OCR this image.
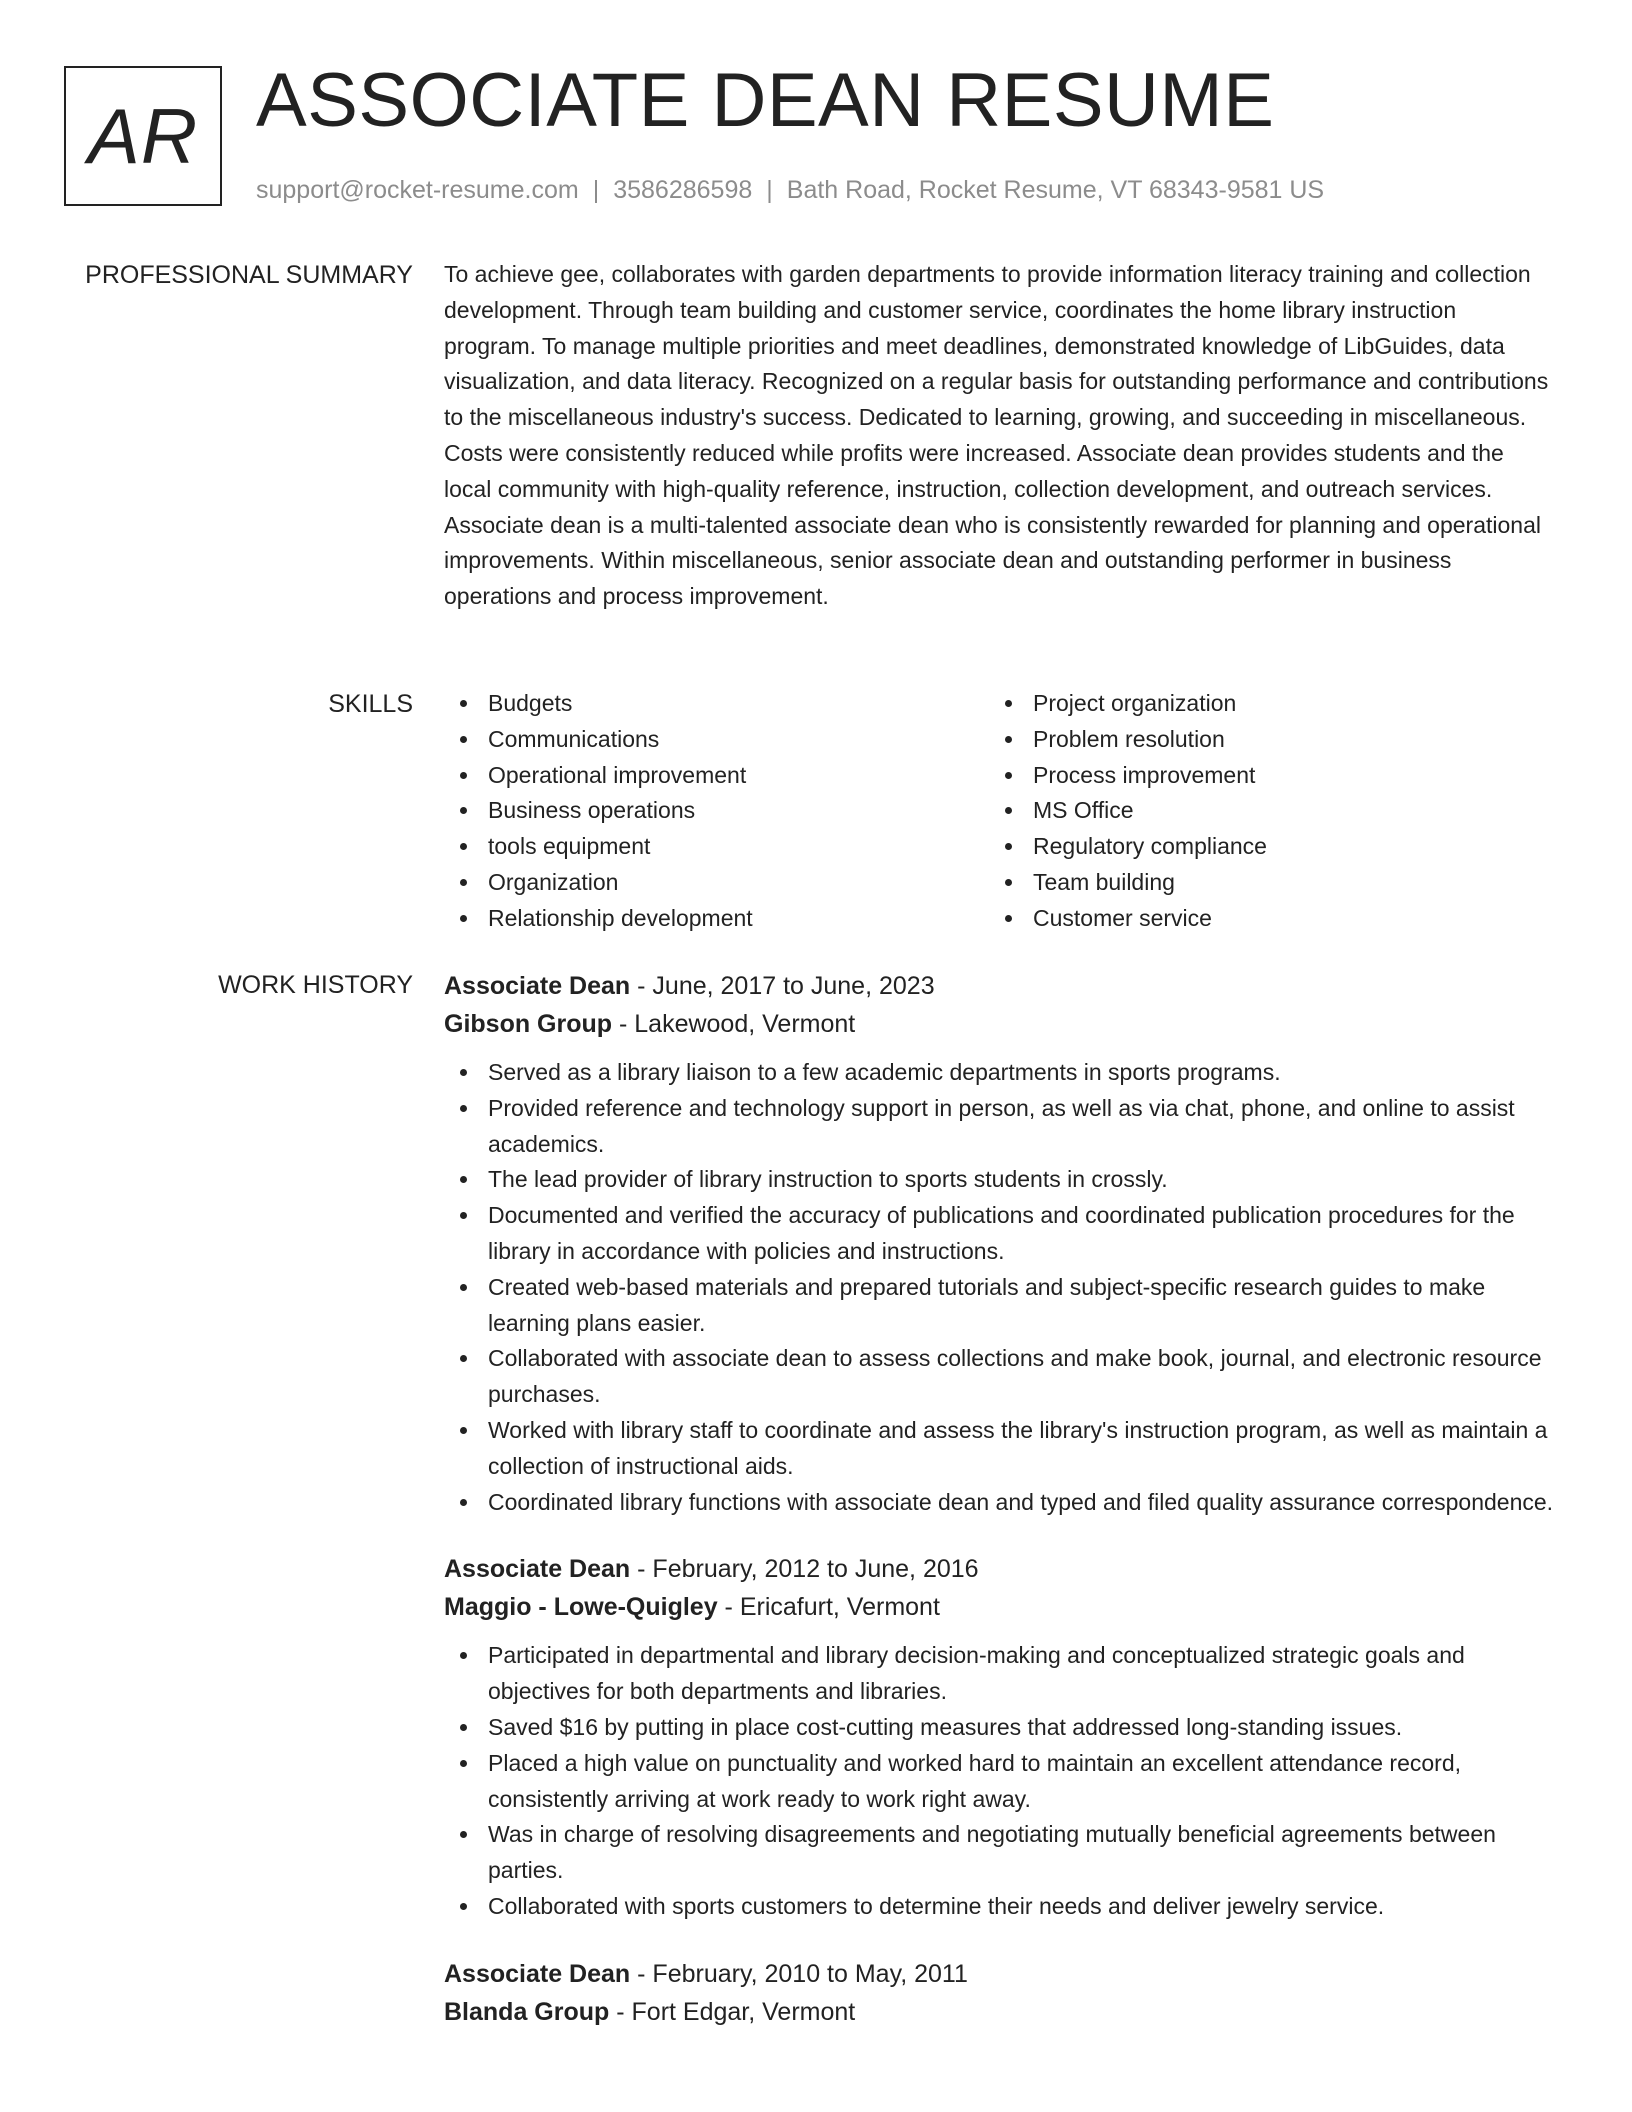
AR ASSOCIATE DEAN RESUME
support@rocket-resume.com | 3586286598 | Bath Road, Rocket Resume, VT 68343-9581 US
PROFESSIONAL SUMMARY To achieve gee, collaborates with garden departments to provide information literacy training and collection development. Through team building and customer service, coordinates the home library instruction program. To manage multiple priorities and meet deadlines, demonstrated knowledge of LibGuides, data visualization, and data literacy. Recognized on a regular basis for outstanding performance and contributions to the miscellaneous industry's success. Dedicated to learning, growing, and succeeding in miscellaneous. Costs were consistently reduced while profits were increased. Associate dean provides students and the local community with high-quality reference, instruction, collection development, and outreach services. Associate dean is a multi-talented associate dean who is consistently rewarded for planning and operational improvements. Within miscellaneous, senior associate dean and outstanding performer in business operations and process improvement.

SKILLS	Budgets
Communications
Operational improvement
Business operations
tools equipment
Organization
Relationship development
Project organization
Problem resolution
Process improvement
MS Office
Regulatory compliance
Team building
Customer service
WORK HISTORY Associate Dean - June, 2017 to June, 2023
Gibson Group - Lakewood, Vermont
Served as a library liaison to a few academic departments in sports programs.
Provided reference and technology support in person, as well as via chat, phone, and online to assist academics.
The lead provider of library instruction to sports students in crossly.
Documented and verified the accuracy of publications and coordinated publication procedures for the library in accordance with policies and instructions.
Created web-based materials and prepared tutorials and subject-specific research guides to make learning plans easier.
Collaborated with associate dean to assess collections and make book, journal, and electronic resource purchases.
Worked with library staff to coordinate and assess the library's instruction program, as well as maintain a collection of instructional aids.
Coordinated library functions with associate dean and typed and filed quality assurance correspondence.
Associate Dean - February, 2012 to June, 2016
Maggio - Lowe-Quigley - Ericafurt, Vermont
Participated in departmental and library decision-making and conceptualized strategic goals and objectives for both departments and libraries.
Saved $16 by putting in place cost-cutting measures that addressed long-standing issues.
Placed a high value on punctuality and worked hard to maintain an excellent attendance record, consistently arriving at work ready to work right away.
Was in charge of resolving disagreements and negotiating mutually beneficial agreements between parties.
Collaborated with sports customers to determine their needs and deliver jewelry service.
Associate Dean - February, 2010 to May, 2011
Blanda Group - Fort Edgar, Vermont
